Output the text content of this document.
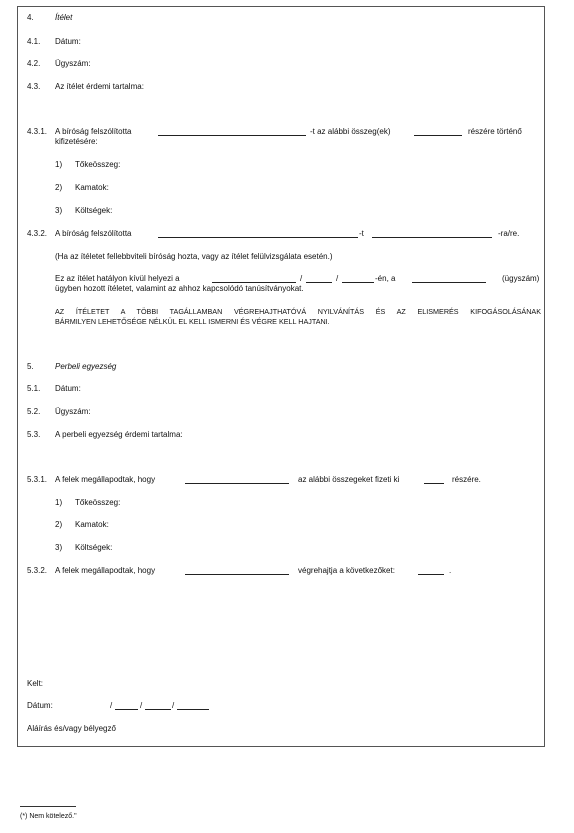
4.	Ítélet
4.1. Dátum:
4.2. Ügyszám:
4.3. Az ítélet érdemi tartalma:
4.3.1. A bíróság felszólította	-t az alábbi összeg(ek)	részére történő
kifizetésére:
1) Tőkeösszeg:
2) Kamatok:
3) Költségek:
4.3.2. A bíróság felszólította	-t	-ra/re.
(Ha az ítéletet fellebbviteli bíróság hozta, vagy az ítélet felülvizsgálata esetén.)
Ez az ítélet hatályon kívül helyezi a	/	/	-én, a	(ügyszám)
ügyben hozott ítéletet, valamint az ahhoz kapcsolódó tanúsítványokat.
AZ ÍTÉLETET A TÖBBI TAGÁLLAMBAN VÉGREHAJTHATÓVÁ NYILVÁNÍTÁS ÉS AZ ELISMERÉS KIFOGÁSOLÁSÁNAK
BÁRMILYEN LEHETŐSÉGE NÉLKÜL EL KELL ISMERNI ÉS VÉGRE KELL HAJTANI.
5.	Perbeli egyezség
5.1. Dátum:
5.2. Ügyszám:
5.3. A perbeli egyezség érdemi tartalma:
5.3.1. A felek megállapodtak, hogy	az alábbi összegeket fizeti ki	részére.
1) Tőkeösszeg:
2) Kamatok:
3) Költségek:
5.3.2. A felek megállapodtak, hogy	végrehajtja a következőket:	.
Kelt:
Dátum:	/	/	/
Aláírás és/vagy bélyegző
(*) Nem kötelező."
